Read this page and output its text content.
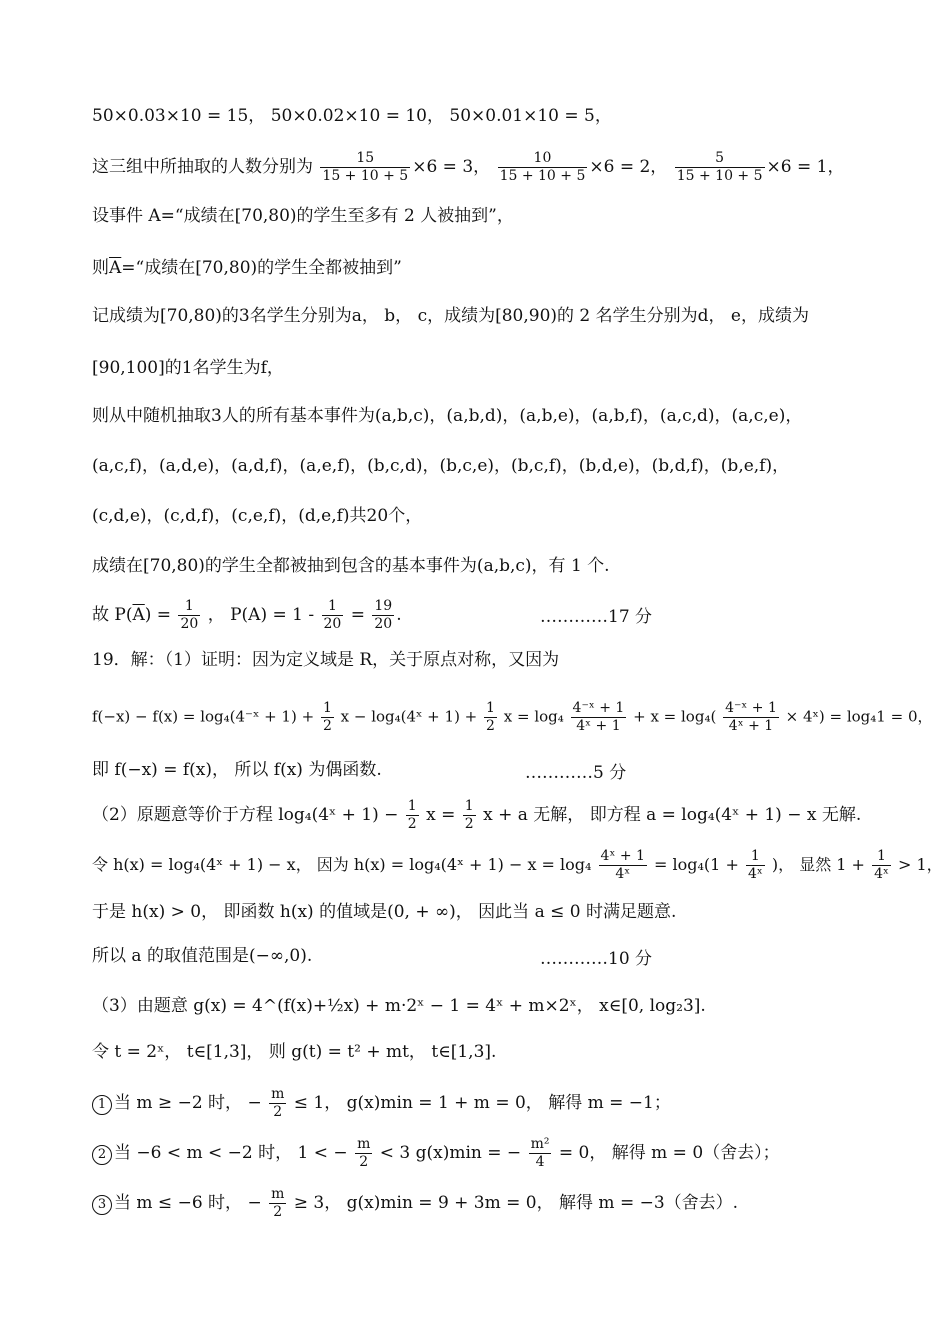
50×0.03×10 = 15， 50×0.02×10 = 10， 50×0.01×10 = 5，
这三组中所抽取的人数分别为 $\frac{15}{15 + 10 + 5} \times 6 = 3$， $\frac{10}{15 + 10 + 5} \times 6 = 2$， $\frac{5}{15 + 10 + 5} \times 6 = 1$，
设事件 A=“成绩在[70,80)的学生至多有 2 人被抽到”，
则$\overline{A}=“$成绩在[70,80)的学生全都被抽到”
记成绩为[70,80)的3名学生分别为a， b， c，成绩为[80,90)的 2 名学生分别为d， e，成绩为
[90,100]的1名学生为f，
则从中随机抽取3人的所有基本事件为(a,b,c)，(a,b,d)，(a,b,e)，(a,b,f)，(a,c,d)，(a,c,e)，
(a,c,f)，(a,d,e)，(a,d,f)，(a,e,f)，(b,c,d)，(b,c,e)，(b,c,f)，(b,d,e)，(b,d,f)，(b,e,f)，
(c,d,e)，(c,d,f)，(c,e,f)，(d,e,f)共20个，
成绩在[70,80)的学生全都被抽到包含的基本事件为(a,b,c)，有 1 个.
故 $P(\overline{A}) = \frac{1}{20}$ ， $P(A) = 1 - \frac{1}{20} = \frac{19}{20}$ .	…………17 分
19．解：（1）证明：因为定义域是 R，关于原点对称，又因为
f(−x) − f(x) = log₄(4⁻ˣ + $1) + \frac{1}{2}$ x − log₄(4ˣ + $1) + \frac{1}{2}$ $x = \log_4 \frac{\text{4⁻ˣ + 1}}{\text{4ˣ + 1}} + x = \log_4( \frac{\text{4⁻ˣ + 1}}{\text{4ˣ + 1}}$ × 4ˣ) = log₄1 = 0，
即 f(−x) = f(x)， 所以 f(x) 为偶函数.	…………5 分
（2）原题意等价于方程 log₄(4ˣ + $1) - \frac{1}{2}$ $x = \frac{1}{2}$ x + a 无解， 即方程 a = log₄(4ˣ + 1) − x 无解.
令 h(x) = log₄(4ˣ + 1) − x， 因为 h(x) = log₄(4ˣ + $1) - x = \log_4 \frac{\text{4ˣ + 1}}{\text{4ˣ}} = \log_4(1 + \frac{1}{\text{4ˣ}}$ )， 显然 $1 + \frac{1}{\text{4ˣ}} > 1$，
于是 h(x) > 0， 即函数 h(x) 的值域是(0, + ∞)， 因此当 a ≤ 0 时满足题意.
所以 a 的取值范围是(−∞,0).	…………10 分
（3）由题意 g(x) = 4^(f(x)+½x) + m·2ˣ − 1 = 4ˣ + m×2ˣ， x∈[0, log₂3].
令 t = 2ˣ， t∈[1,3]， 则 g(t) = t² + mt， t∈[1,3].
1 当 m ≥ −2 时， − $\frac{m}{2} \le 1$， g(x)min = 1 + m = 0， 解得 m = −1；
2 当 −6 < m < −2 时， 1 < − $\frac{m}{2} < 3$ g(x)min = − $\frac{\text{m²}}{4} = 0$， 解得 m = 0（舍去）；
3 当 m ≤ −6 时， − $\frac{m}{2} \ge 3$， g(x)min = 9 + 3m = 0， 解得 m = −3（舍去）.
